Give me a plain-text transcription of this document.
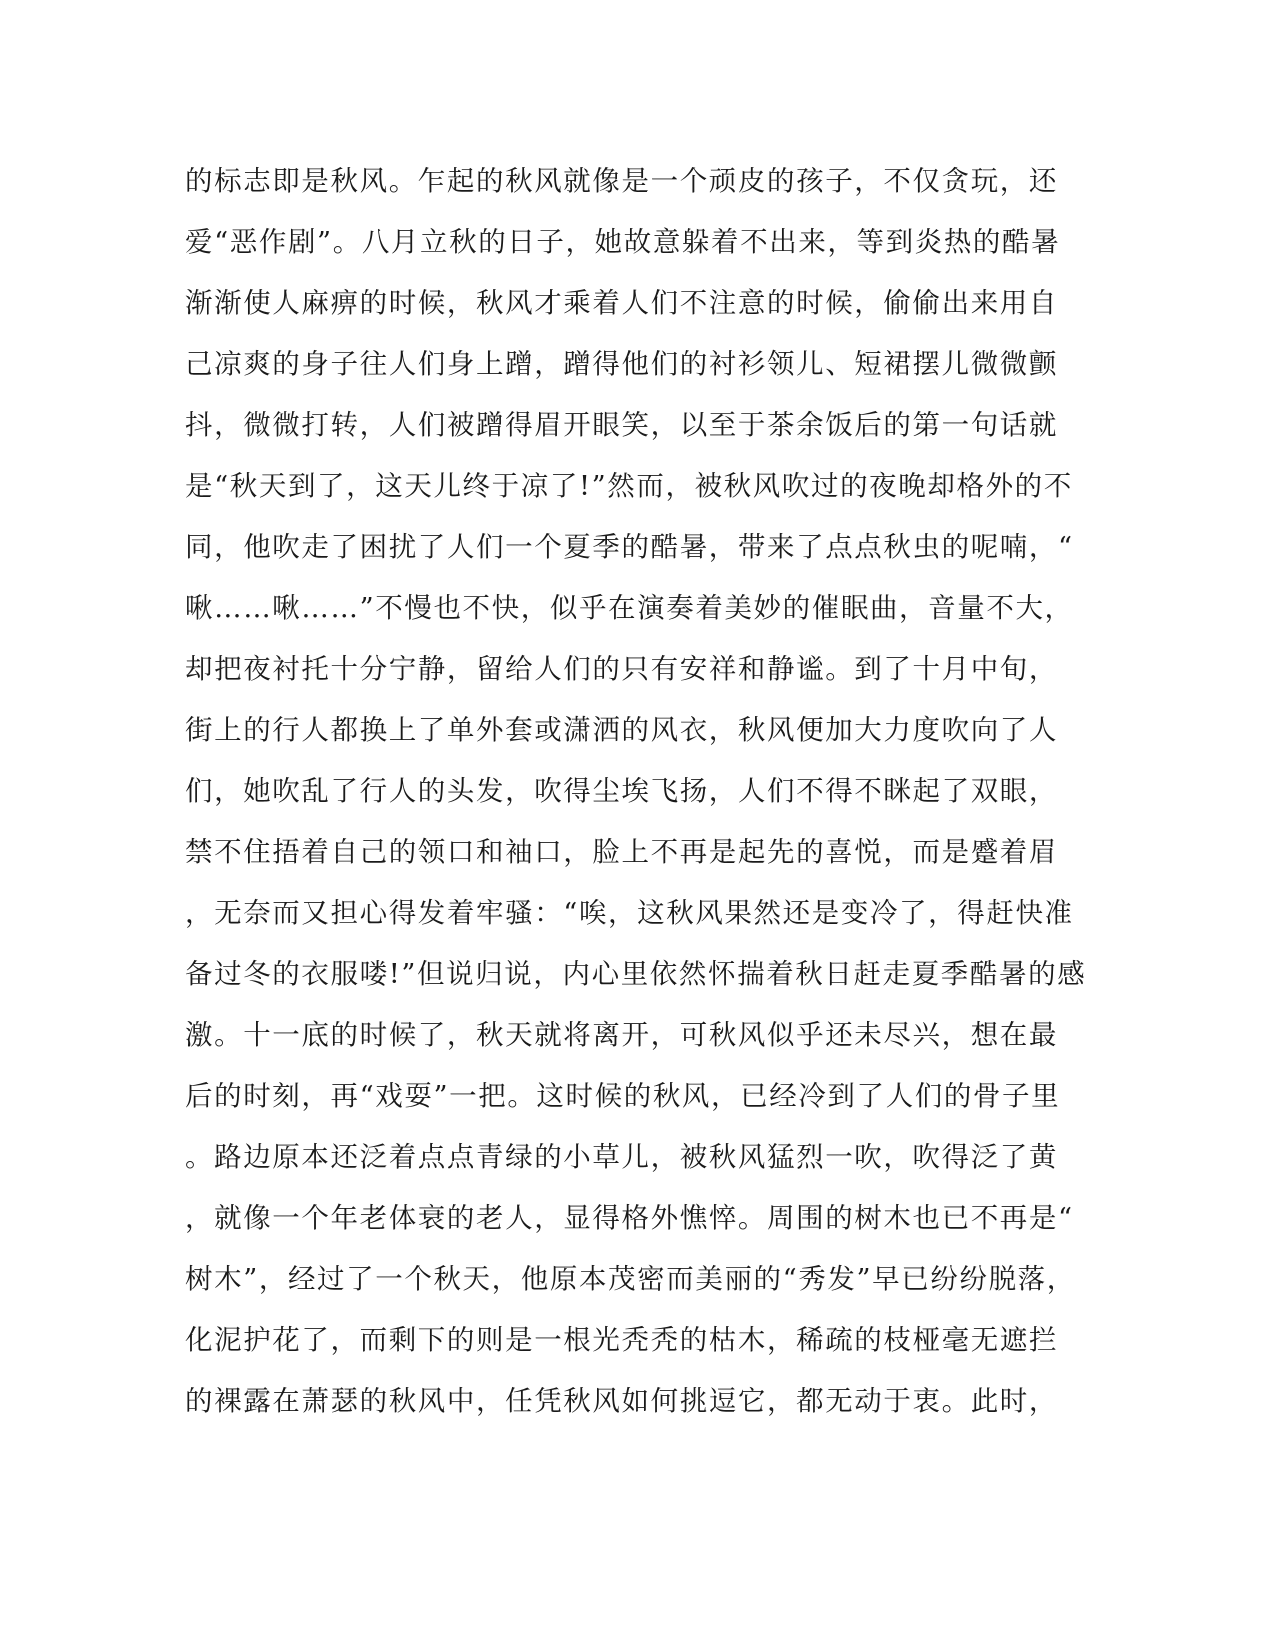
的标志即是秋风。乍起的秋风就像是一个顽皮的孩子，不仅贪玩，还
爱“恶作剧”。八月立秋的日子，她故意躲着不出来，等到炎热的酷暑
渐渐使人麻痹的时候，秋风才乘着人们不注意的时候，偷偷出来用自
己凉爽的身子往人们身上蹭，蹭得他们的衬衫领儿、短裙摆儿微微颤
抖，微微打转，人们被蹭得眉开眼笑，以至于茶余饭后的第一句话就
是“秋天到了，这天儿终于凉了!”然而，被秋风吹过的夜晚却格外的不
同，他吹走了困扰了人们一个夏季的酷暑，带来了点点秋虫的呢喃，“
啾……啾……”不慢也不快，似乎在演奏着美妙的催眠曲，音量不大，
却把夜衬托十分宁静，留给人们的只有安祥和静谧。到了十月中旬，
街上的行人都换上了单外套或潇洒的风衣，秋风便加大力度吹向了人
们，她吹乱了行人的头发，吹得尘埃飞扬，人们不得不眯起了双眼，
禁不住捂着自己的领口和袖口，脸上不再是起先的喜悦，而是蹙着眉
，无奈而又担心得发着牢骚：“唉，这秋风果然还是变冷了，得赶快准
备过冬的衣服喽!”但说归说，内心里依然怀揣着秋日赶走夏季酷暑的感
激。十一底的时候了，秋天就将离开，可秋风似乎还未尽兴，想在最
后的时刻，再“戏耍”一把。这时候的秋风，已经冷到了人们的骨子里
。路边原本还泛着点点青绿的小草儿，被秋风猛烈一吹，吹得泛了黄
，就像一个年老体衰的老人，显得格外憔悴。周围的树木也已不再是“
树木”，经过了一个秋天，他原本茂密而美丽的“秀发”早已纷纷脱落，
化泥护花了，而剩下的则是一根光秃秃的枯木，稀疏的枝桠毫无遮拦
的裸露在萧瑟的秋风中，任凭秋风如何挑逗它，都无动于衷。此时，
